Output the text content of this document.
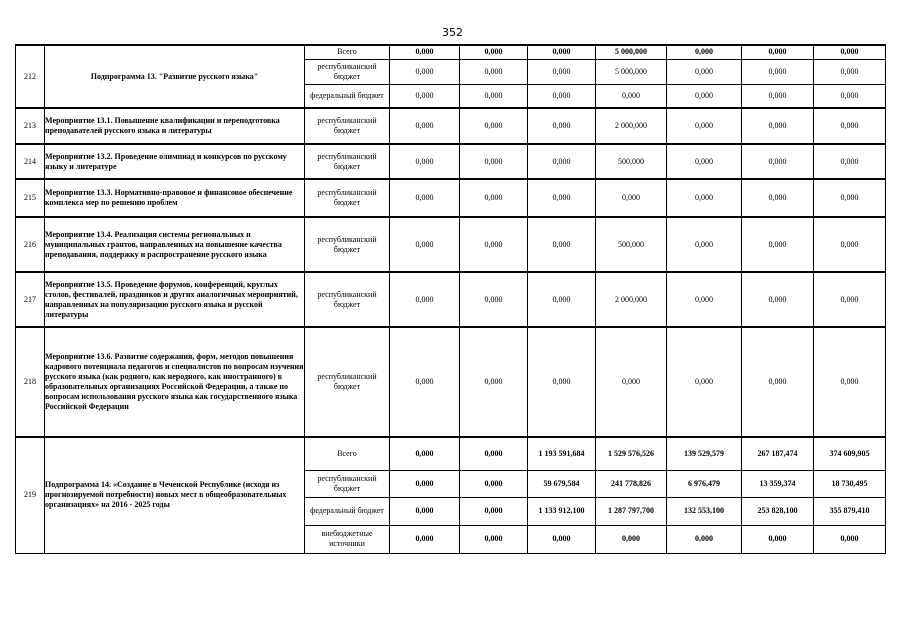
352
212	Подпрограмма 13. "Развитие русского языка"	Всего	0,000	0,000	0,000	5 000,000	0,000	0,000	0,000
		республиканский бюджет	0,000	0,000	0,000	5 000,000	0,000	0,000	0,000
		федеральный бюджет	0,000	0,000	0,000	0,000	0,000	0,000	0,000
213	Мероприятие 13.1. Повышение квалификации и переподготовка преподавателей русского языка и литературы	республиканский бюджет	0,000	0,000	0,000	2 000,000	0,000	0,000	0,000
214	Мероприятие 13.2. Проведение олимпиад и конкурсов по русскому языку и литературе	республиканский бюджет	0,000	0,000	0,000	500,000	0,000	0,000	0,000
215	Мероприятие 13.3. Нормативно-правовое и финансовое обеспечение комплекса мер по решению проблем	республиканский бюджет	0,000	0,000	0,000	0,000	0,000	0,000	0,000
216	Мероприятие 13.4. Реализация системы региональных и муниципальных грантов, направленных на повышение качества преподавания, поддержку и распространение русского языка	республиканский бюджет	0,000	0,000	0,000	500,000	0,000	0,000	0,000
217	Мероприятие 13.5. Проведение форумов, конференций, круглых столов, фестивалей, праздников и других аналогичных мероприятий, направленных на популяризацию русского языка и русской литературы	республиканский бюджет	0,000	0,000	0,000	2 000,000	0,000	0,000	0,000
218	Мероприятие 13.6. Развитие содержания, форм, методов повышения кадрового потенциала педагогов и специалистов по вопросам изучения русского языка (как родного, как неродного, как иностранного) в образовательных организациях Российской Федерации, а также по вопросам использования русского языка как государственного языка Российской Федерации	республиканский бюджет	0,000	0,000	0,000	0,000	0,000	0,000	0,000
219	Подпрограмма 14. «Создание в Чеченской Республике (исходя из прогнозируемой потребности) новых мест в общеобразовательных организациях» на 2016 - 2025 годы	Всего	0,000	0,000	1 193 591,684	1 529 576,526	139 529,579	267 187,474	374 609,905
		республиканский бюджет	0,000	0,000	59 679,584	241 778,826	6 976,479	13 359,374	18 730,495
		федеральный бюджет	0,000	0,000	1 133 912,100	1 287 797,700	132 553,100	253 828,100	355 879,410
		внебюджетные источники	0,000	0,000	0,000	0,000	0,000	0,000	0,000
